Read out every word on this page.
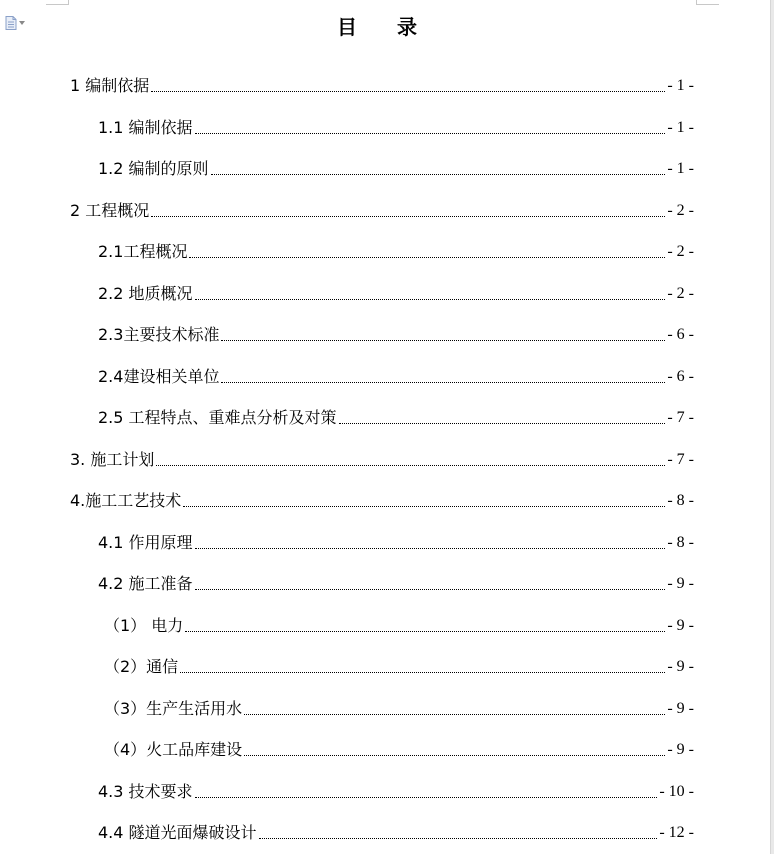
目录
1 编制依据	- 1 -
1.1 编制依据	- 1 -
1.2 编制的原则	- 1 -
2 工程概况	- 2 -
2.1工程概况	- 2 -
2.2 地质概况	- 2 -
2.3主要技术标准	- 6 -
2.4建设相关单位	- 6 -
2.5 工程特点、重难点分析及对策	- 7 -
3. 施工计划	- 7 -
4.施工工艺技术	- 8 -
4.1 作用原理	- 8 -
4.2 施工准备	- 9 -
（1） 电力	- 9 -
（2）通信	- 9 -
（3）生产生活用水	- 9 -
（4）火工品库建设	- 9 -
4.3 技术要求	- 10 -
4.4 隧道光面爆破设计	- 12 -
